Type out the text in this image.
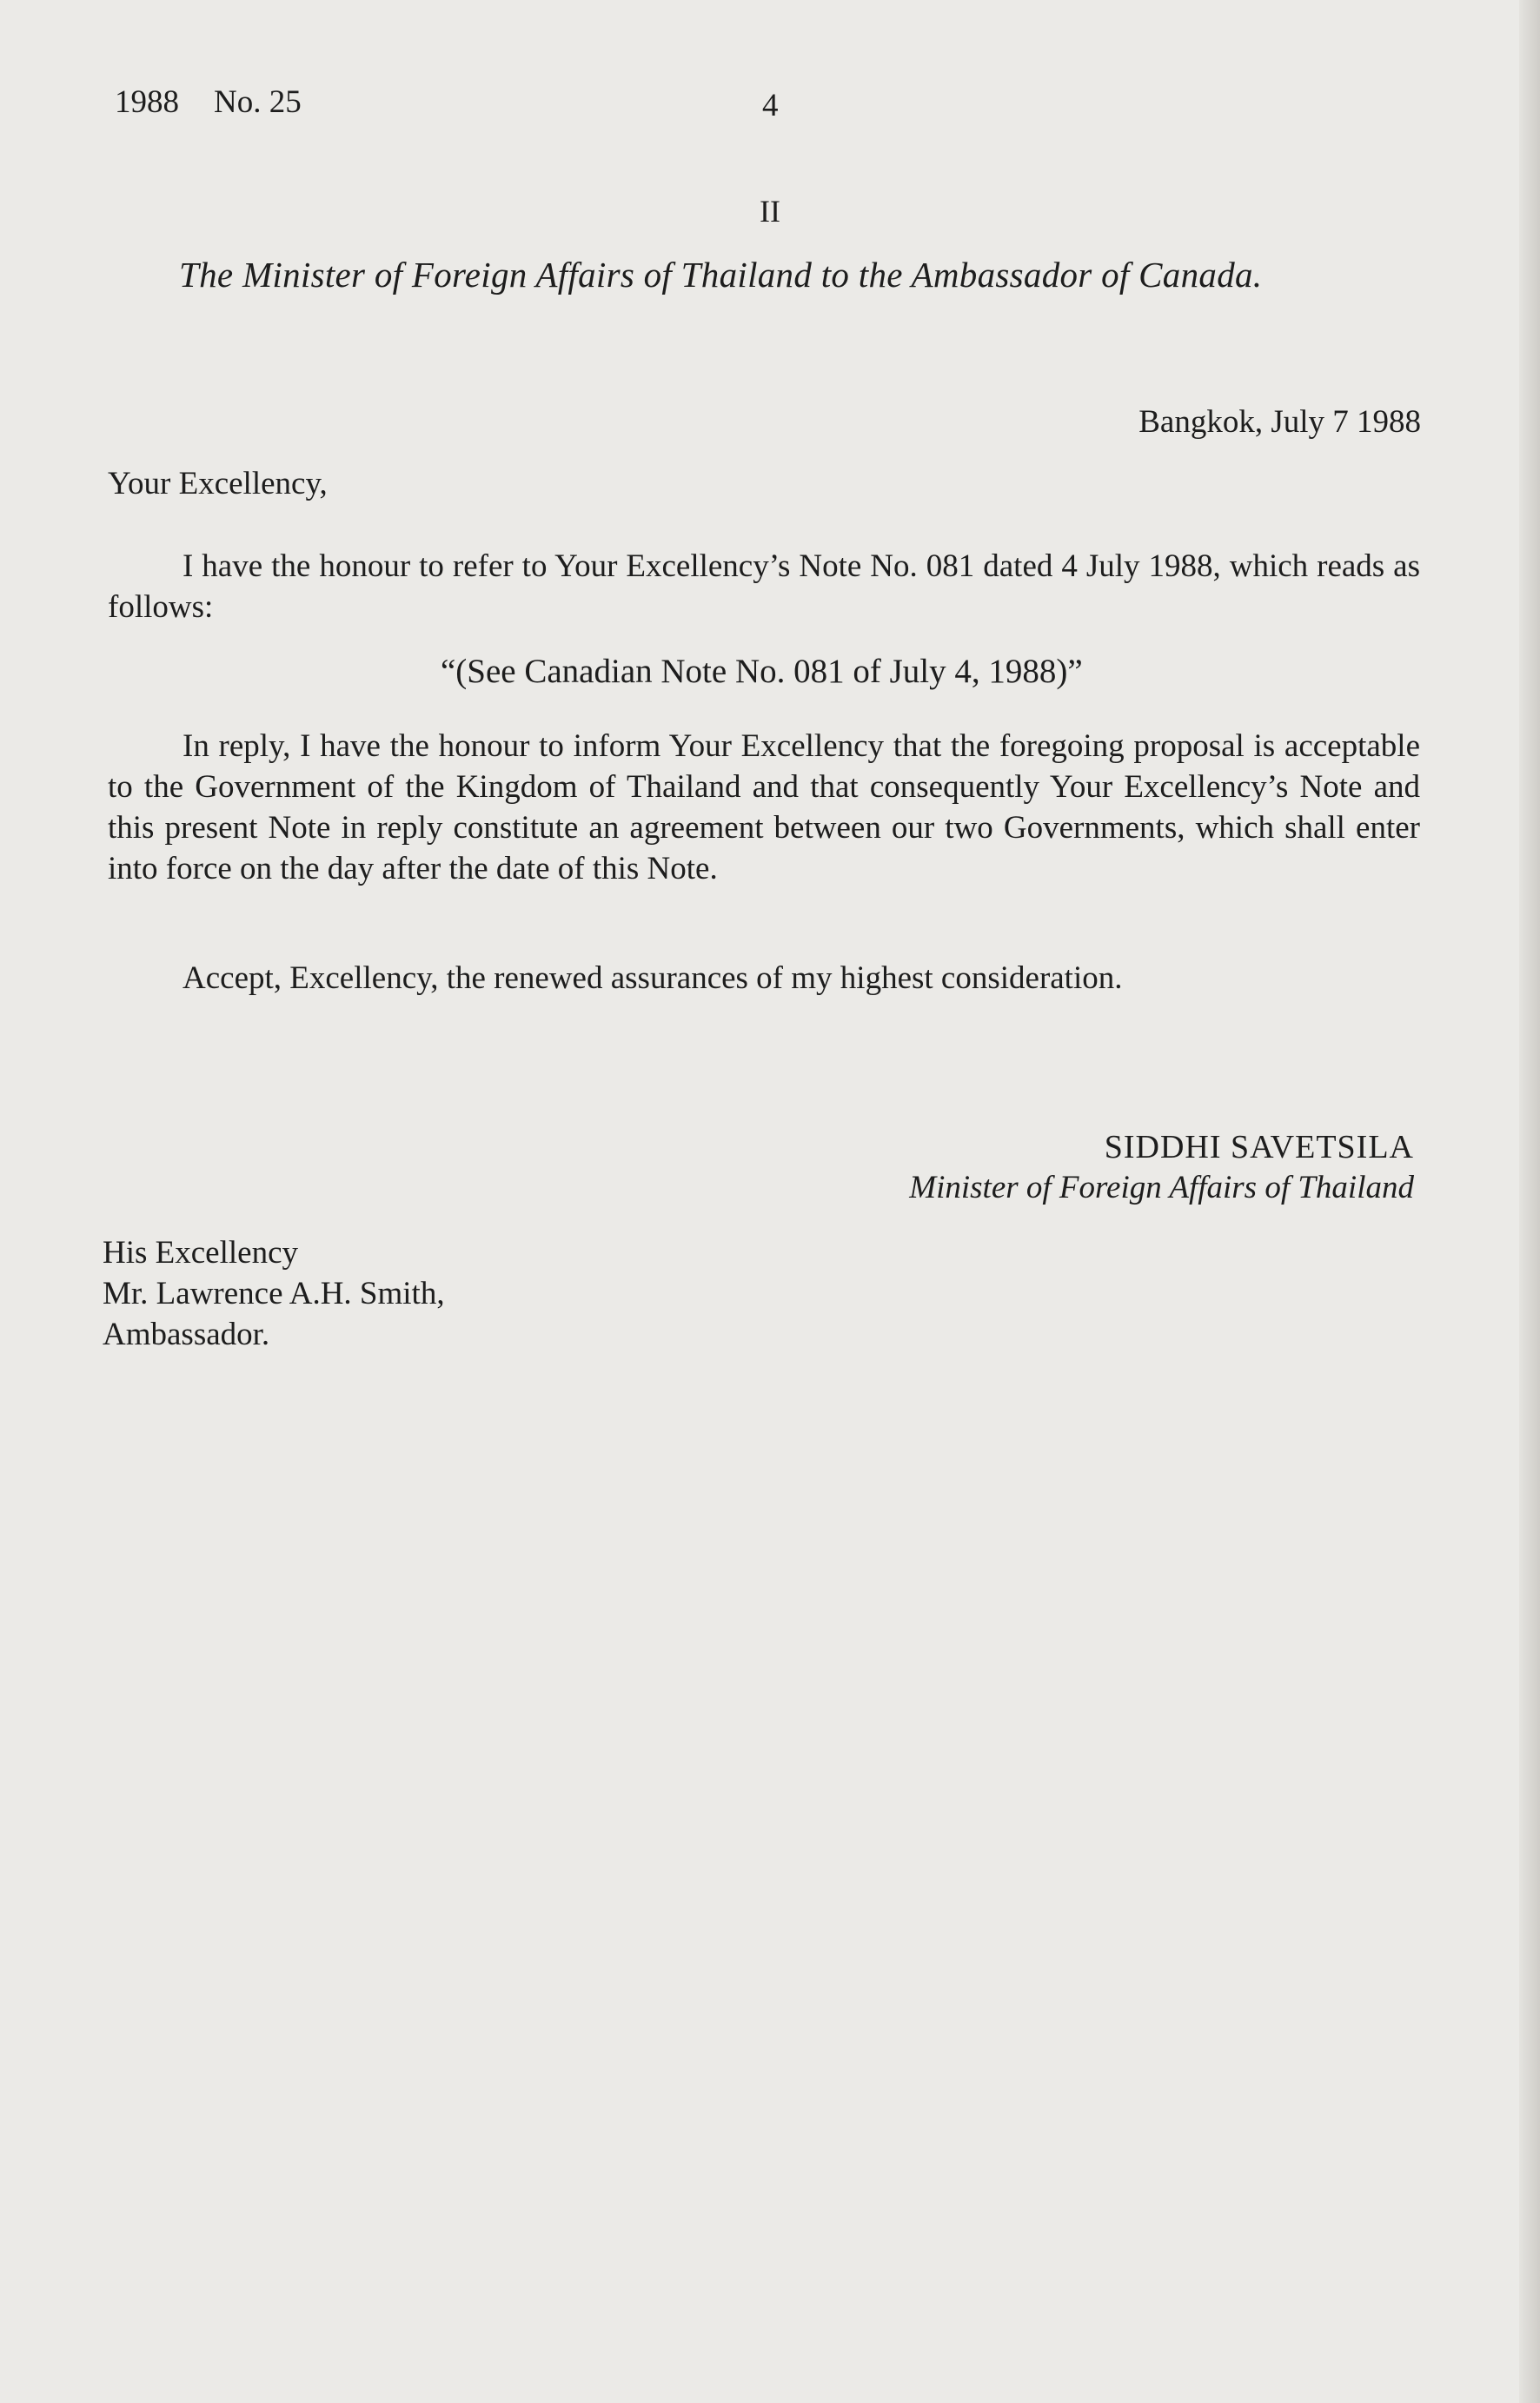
1988 No. 25	4
II
The Minister of Foreign Affairs of Thailand to the Ambassador of Canada.
Bangkok, July 7 1988
Your Excellency,

I have the honour to refer to Your Excellency’s Note No. 081 dated 4 July 1988, which reads as follows:

“(See Canadian Note No. 081 of July 4, 1988)”

In reply, I have the honour to inform Your Excellency that the foregoing proposal is acceptable to the Government of the Kingdom of Thailand and that consequently Your Excellency’s Note and this present Note in reply constitute an agreement between our two Governments, which shall enter into force on the day after the date of this Note.

Accept, Excellency, the renewed assurances of my highest consideration.

SIDDHI SAVETSILA
Minister of Foreign Affairs of Thailand
His Excellency
Mr. Lawrence A.H. Smith,
Ambassador.
